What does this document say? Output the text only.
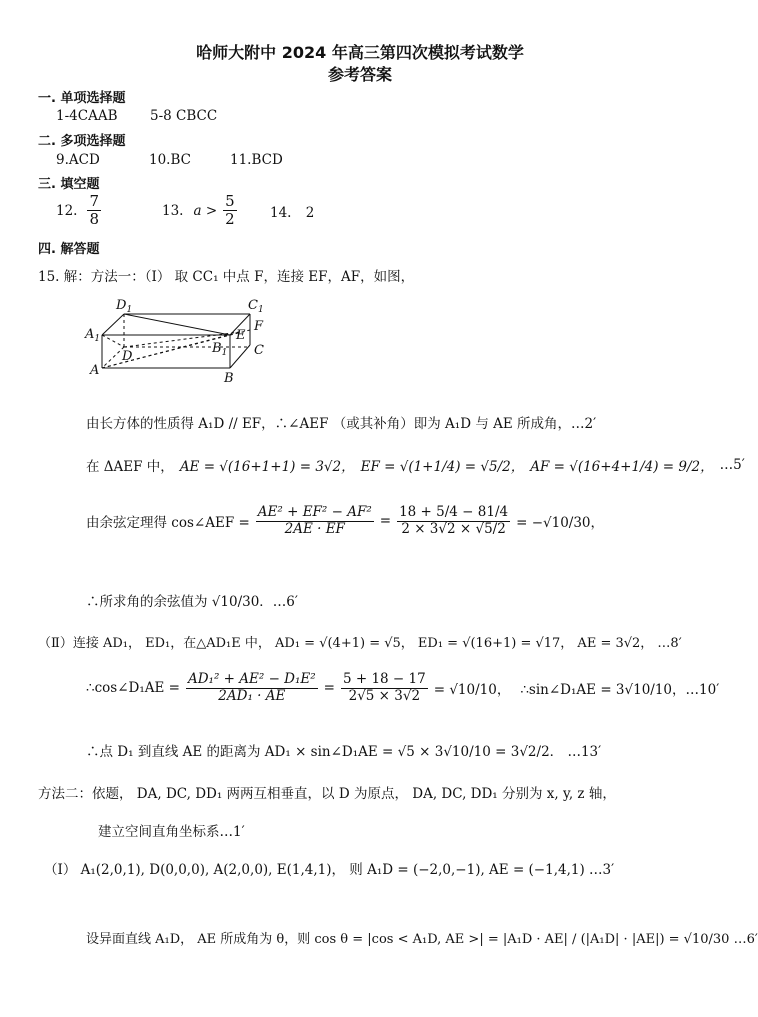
哈师大附中 2024 年高三第四次模拟考试数学
参考答案
一. 单项选择题
1-4CAAB 5-8 CBCC
二. 多项选择题
9.ACD	10.BC	11.BCD
三. 填空题
12. $\frac{7}{8}$	13. $a > \frac{5}{2} 14$. 2
四. 解答题
15. 解：方法一：（Ⅰ） 取 CC₁ 中点 F，连接 EF，AF，如图，
$D_1$	$C_1$
$A_1$
F
E
D
$B_1$ C
A
B
由长方体的性质得 A₁D // EF，∴∠AEF （或其补角）即为 A₁D 与 AE 所成角，…2′
在 ΔAEF 中， AE = √(16+1+1) = 3√2， EF = √(1+1/4) = √5/2， AF = √(16+4+1/4) = 9/2， …5′
由余弦定理得 cos∠AEF = $\frac{\text{AE² + EF² − AF²}}{2AE \cdot EF} = \frac{18 + 5/4 - 81/4}{2 \times 3√2 \times √5/2} = -√10/30$，
∴所求角的余弦值为 √10/30．…6′
（Ⅱ）连接 AD₁， ED₁，在△AD₁E 中， AD₁ = √(4+1) = √5， ED₁ = √(16+1) = √17， AE = 3√2， …8′
∴cos∠D₁AE = $\frac{\text{AD₁² + AE² − D₁E²}}{\text{2AD₁ · AE}} = \frac{5 + 18 - 17}{2√5 \times 3√2} = √10/10$， ∴sin∠D₁AE = 3√10/10，…10′
∴点 D₁ 到直线 AE 的距离为 AD₁ × sin∠D₁AE = √5 × 3√10/10 = 3√2/2． …13′
方法二：依题， DA, DC, DD₁ 两两互相垂直，以 D 为原点， DA, DC, DD₁ 分别为 x, y, z 轴，
建立空间直角坐标系…1′
（Ⅰ） A₁(2,0,1), D(0,0,0), A(2,0,0), E(1,4,1)， 则 A₁D = (−2,0,−1), AE = (−1,4,1) …3′
设异面直线 A₁D， AE 所成角为 θ，则 cos θ = |cos < A₁D, AE >| = |A₁D · AE| / (|A₁D| · |AE|) = √10/30 …6′
